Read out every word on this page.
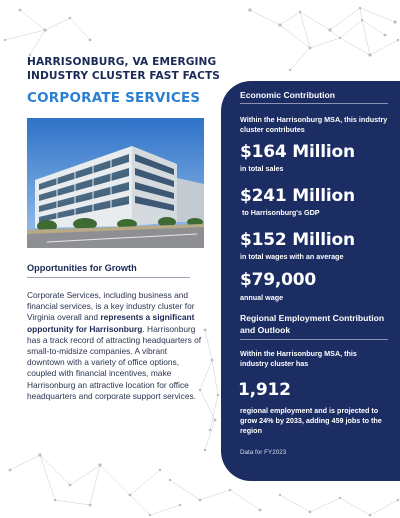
HARRISONBURG, VA EMERGING INDUSTRY CLUSTER FAST FACTS
CORPORATE SERVICES
Opportunities for Growth
Corporate Services, including business and financial services, is a key industry cluster for Virginia overall and represents a significant opportunity for Harrisonburg. Harrisonburg has a track record of attracting headquarters of small-to-midsize companies. A vibrant downtown with a variety of office options, coupled with financial incentives, make Harrisonburg an attractive location for office headquarters and corporate support services.
Economic Contribution
Within the Harrisonburg MSA, this industry cluster contributes
$164 Million
in total sales
$241 Million
to Harrisonburg's GDP
$152 Million
in total wages with an average
$79,000
annual wage
Regional Employment Contribution and Outlook
Within the Harrisonburg MSA, this industry cluster has
1,912
regional employment and is projected to grow 24% by 2033, adding 459 jobs to the region
Data for FY2023
